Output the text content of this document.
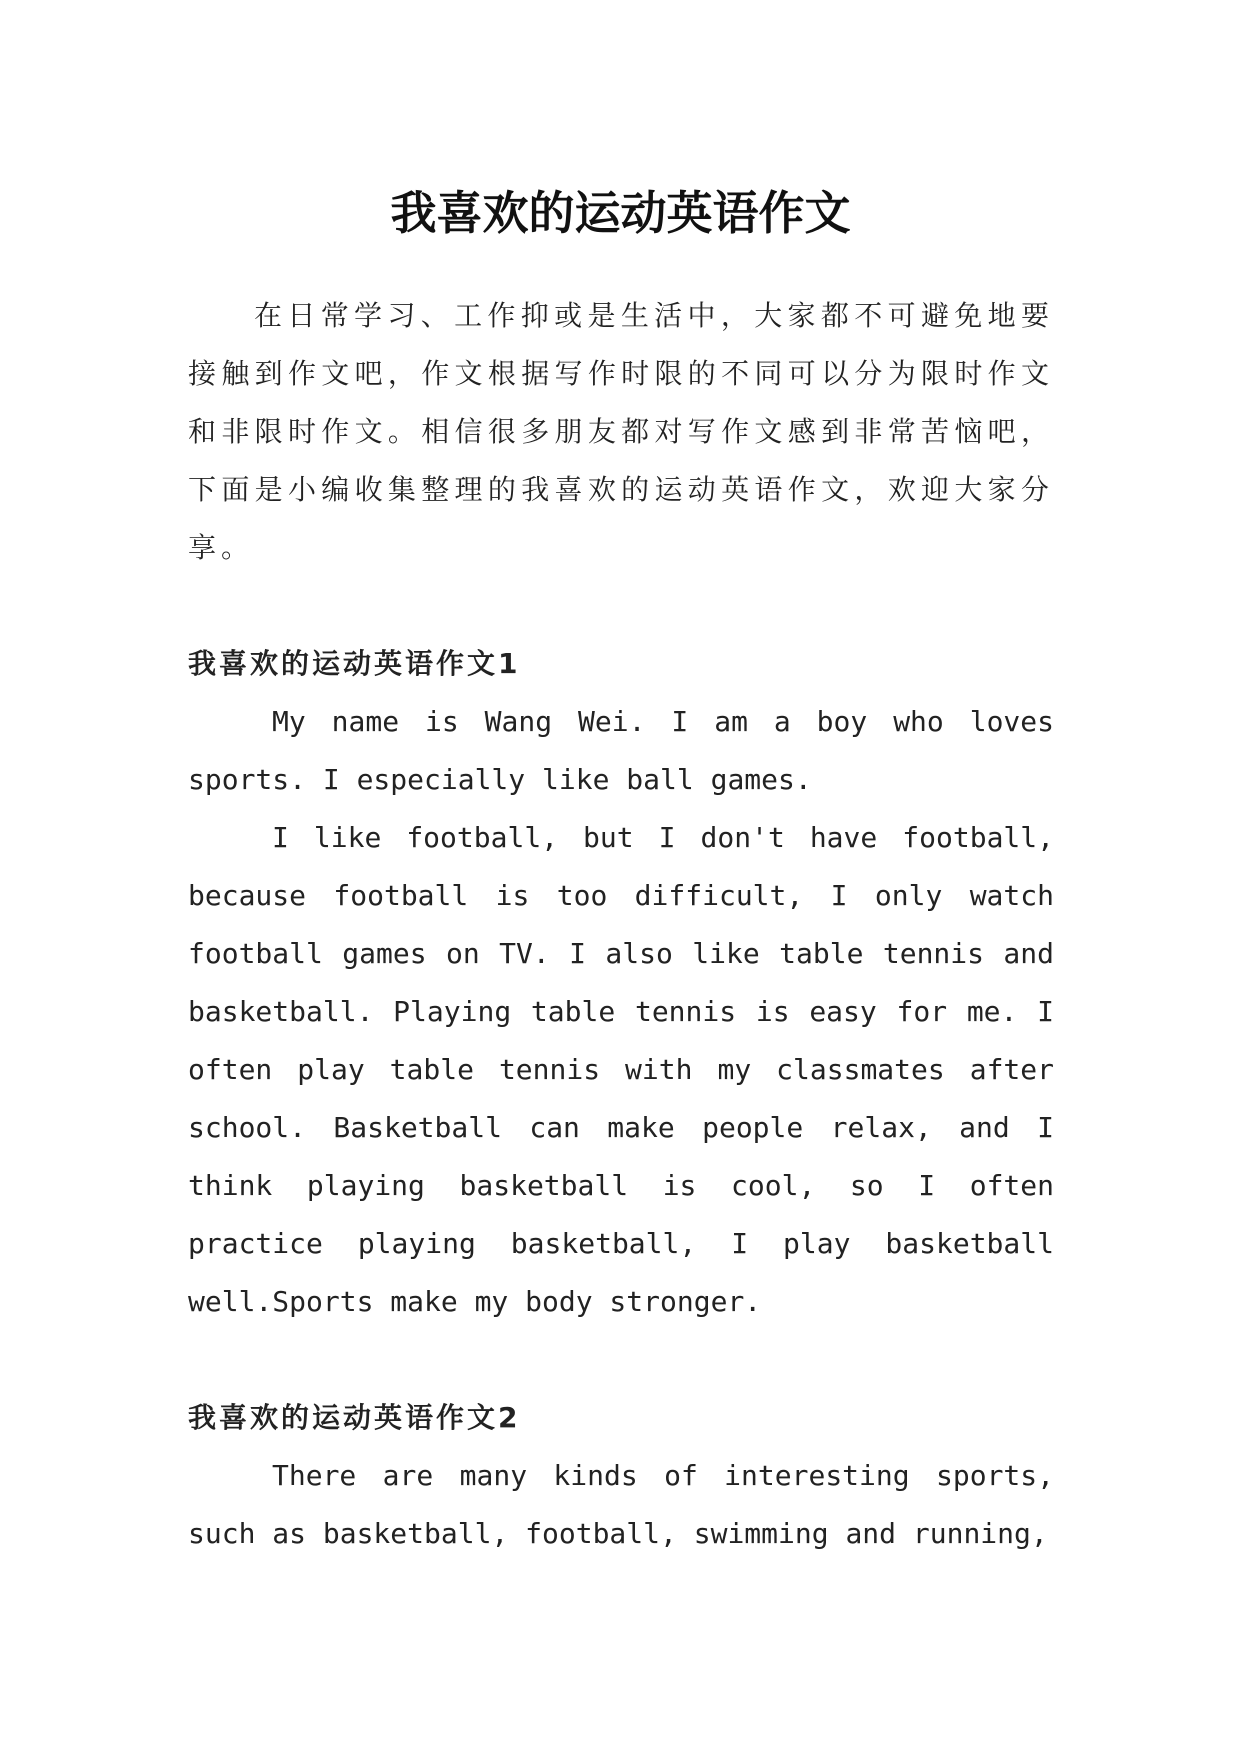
我喜欢的运动英语作文

在日常学习、工作抑或是生活中，大家都不可避免地要接触到作文吧，作文根据写作时限的不同可以分为限时作文和非限时作文。相信很多朋友都对写作文感到非常苦恼吧，下面是小编收集整理的我喜欢的运动英语作文，欢迎大家分享。

我喜欢的运动英语作文1

My name is Wang Wei. I am a boy who loves sports. I especially like ball games.

I like football, but I don't have football, because football is too difficult, I only watch football games on TV. I also like table tennis and basketball. Playing table tennis is easy for me. I often play table tennis with my classmates after school. Basketball can make people relax, and I think playing basketball is cool, so I often practice playing basketball, I play basketball well.Sports make my body stronger.

我喜欢的运动英语作文2

There are many kinds of interesting sports, such as basketball, football, swimming and running,
